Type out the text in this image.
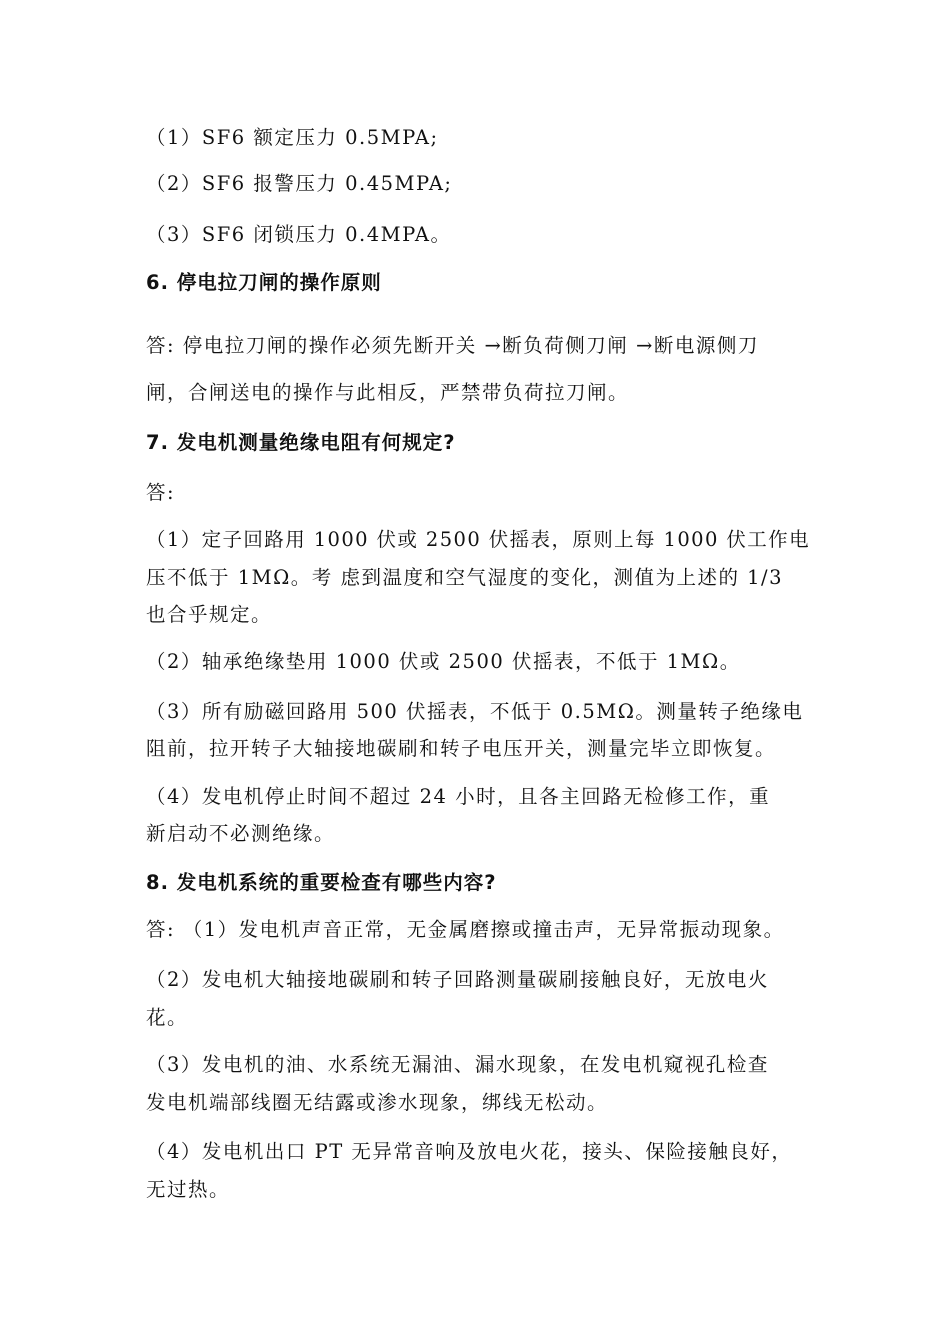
（1）SF6 额定压力 0.5MPA;
（2）SF6 报警压力 0.45MPA;
（3）SF6 闭锁压力 0.4MPA。
6. 停电拉刀闸的操作原则
答: 停电拉刀闸的操作必须先断开关 →断负荷侧刀闸 →断电源侧刀
闸，合闸送电的操作与此相反，严禁带负荷拉刀闸。
7. 发电机测量绝缘电阻有何规定?
答:
（1）定子回路用 1000 伏或 2500 伏摇表，原则上每 1000 伏工作电
压不低于 1MΩ。考 虑到温度和空气湿度的变化，测值为上述的 1/3
也合乎规定。
（2）轴承绝缘垫用 1000 伏或 2500 伏摇表，不低于 1MΩ。
（3）所有励磁回路用 500 伏摇表，不低于 0.5MΩ。测量转子绝缘电
阻前，拉开转子大轴接地碳刷和转子电压开关，测量完毕立即恢复。
（4）发电机停止时间不超过 24 小时，且各主回路无检修工作，重
新启动不必测绝缘。
8. 发电机系统的重要检查有哪些内容?
答: （1）发电机声音正常，无金属磨擦或撞击声，无异常振动现象。
（2）发电机大轴接地碳刷和转子回路测量碳刷接触良好，无放电火
花。
（3）发电机的油、水系统无漏油、漏水现象，在发电机窥视孔检查
发电机端部线圈无结露或渗水现象，绑线无松动。
（4）发电机出口 PT 无异常音响及放电火花，接头、保险接触良好，
无过热。
